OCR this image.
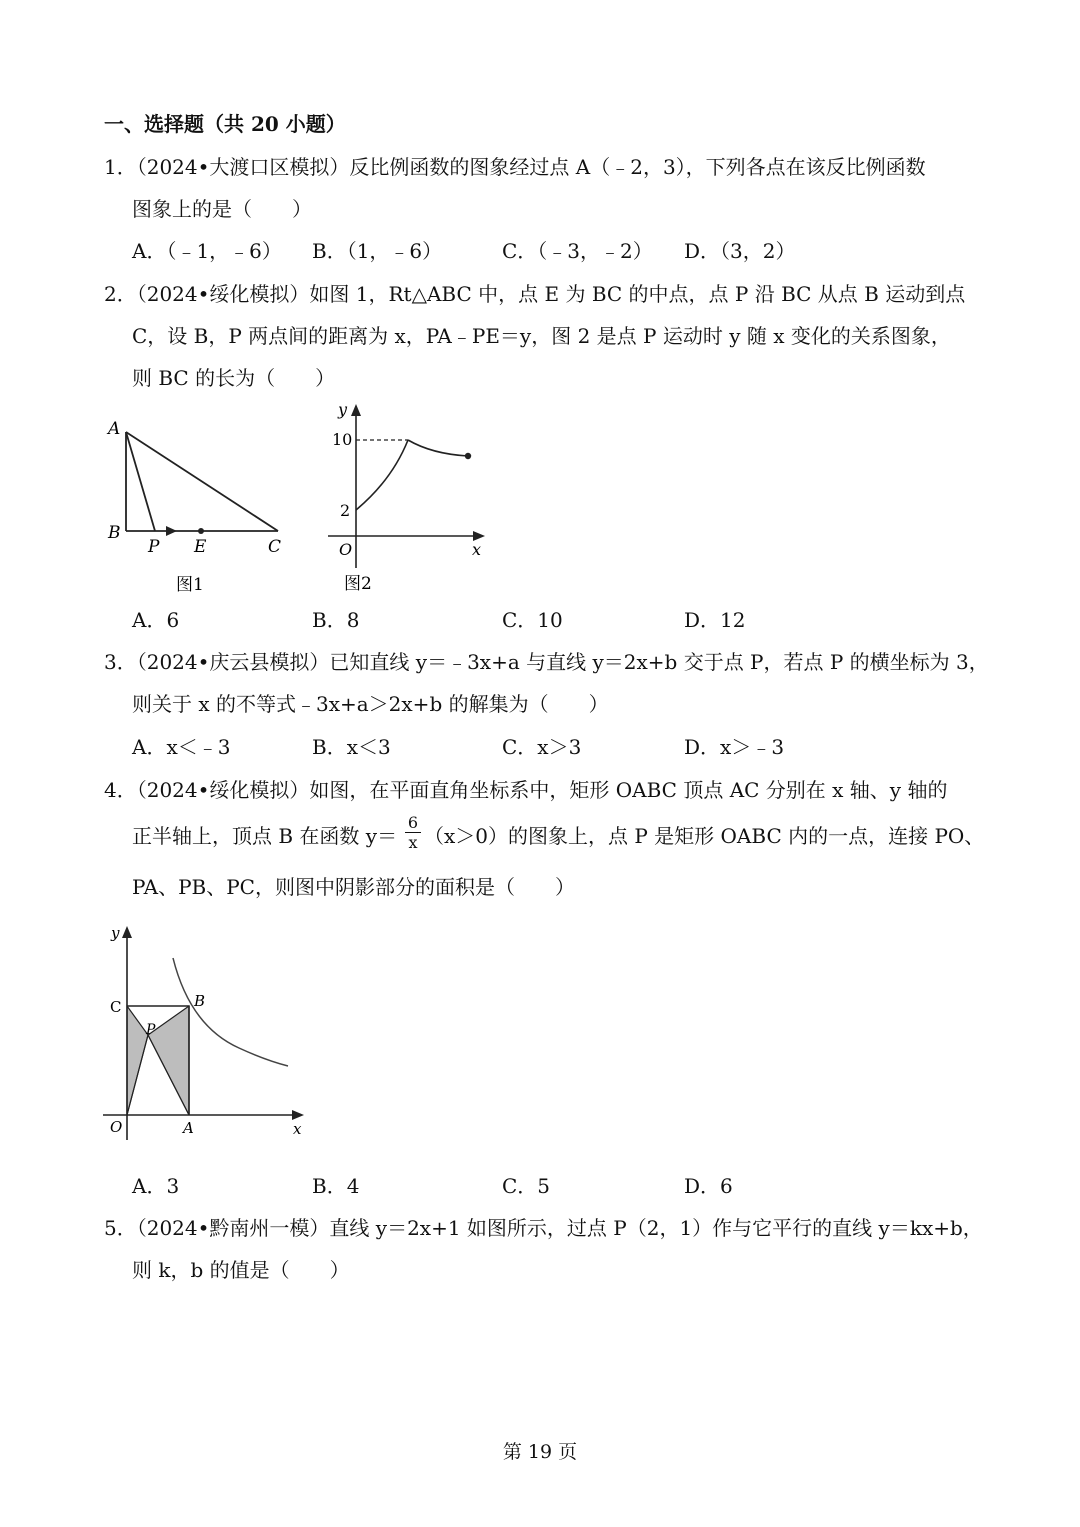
一、选择题（共 20 小题）
1．（2024•大渡口区模拟）反比例函数的图象经过点 A（﹣2，3），下列各点在该反比例函数
图象上的是（　　）
A．（﹣1，﹣6） B．（1，﹣6）	C．（﹣3，﹣2） D．（3，2）
2．（2024•绥化模拟）如图 1，Rt△ABC 中，点 E 为 BC 的中点，点 P 沿 BC 从点 B 运动到点
C，设 B，P 两点间的距离为 x，PA﹣PE＝y，图 2 是点 P 运动时 y 随 x 变化的关系图象，
则 BC 的长为（　　）
A
B
P E	C
图1
y
10
2
O	x
图2
A．6	B．8	C．10	D．12
3．（2024•庆云县模拟）已知直线 y＝﹣3x+a 与直线 y＝2x+b 交于点 P，若点 P 的横坐标为 3，
则关于 x 的不等式﹣3x+a＞2x+b 的解集为（　　）
A．x＜﹣3	B．x＜3	C．x＞3	D．x＞﹣3
4．（2024•绥化模拟）如图，在平面直角坐标系中，矩形 OABC 顶点 AC 分别在 x 轴、y 轴的
正半轴上，顶点 B 在函数 $y= \frac{6}{x} (x>0)$的图象上，点 P 是矩形 OABC 内的一点，连接 PO、
PA、PB、PC，则图中阴影部分的面积是（　　）
y
C	B
P
O	A	x
A．3	B．4	C．5	D．6
5．（2024•黔南州一模）直线 y＝2x+1 如图所示，过点 P（2，1）作与它平行的直线 y＝kx+b，
则 k，b 的值是（　　）
第 19 页
